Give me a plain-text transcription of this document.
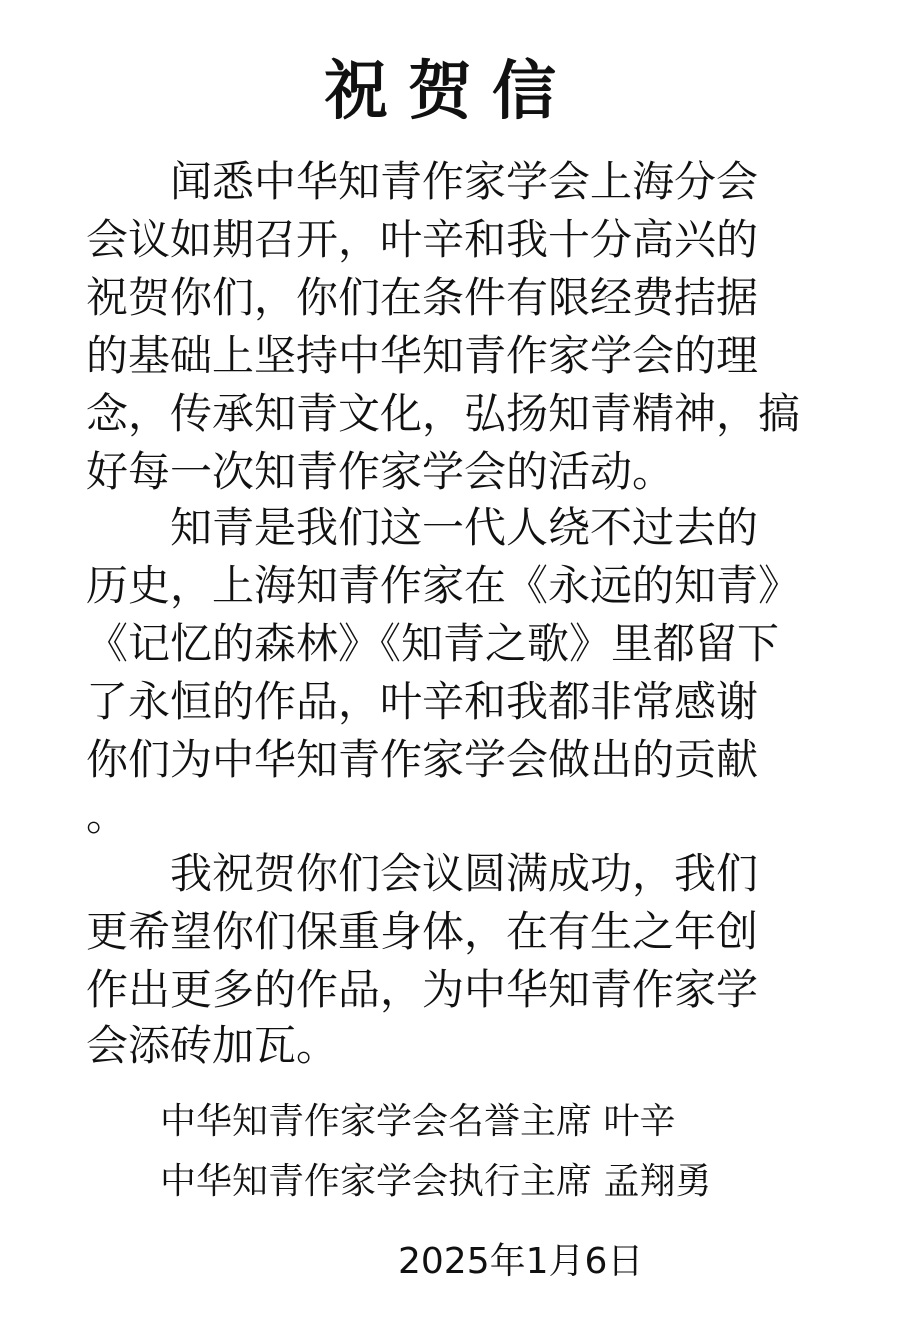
祝贺信
闻悉中华知青作家学会上海分会
会议如期召开，叶辛和我十分高兴的
祝贺你们，你们在条件有限经费拮据
的基础上坚持中华知青作家学会的理
念，传承知青文化，弘扬知青精神，搞
好每一次知青作家学会的活动。
知青是我们这一代人绕不过去的
历史，上海知青作家在《永远的知青》
《记忆的森林》《知青之歌》里都留下
了永恒的作品，叶辛和我都非常感谢
你们为中华知青作家学会做出的贡献
。
我祝贺你们会议圆满成功，我们
更希望你们保重身体，在有生之年创
作出更多的作品，为中华知青作家学
会添砖加瓦。
中华知青作家学会名誉主席 叶辛
中华知青作家学会执行主席 孟翔勇
2025年1月6日
